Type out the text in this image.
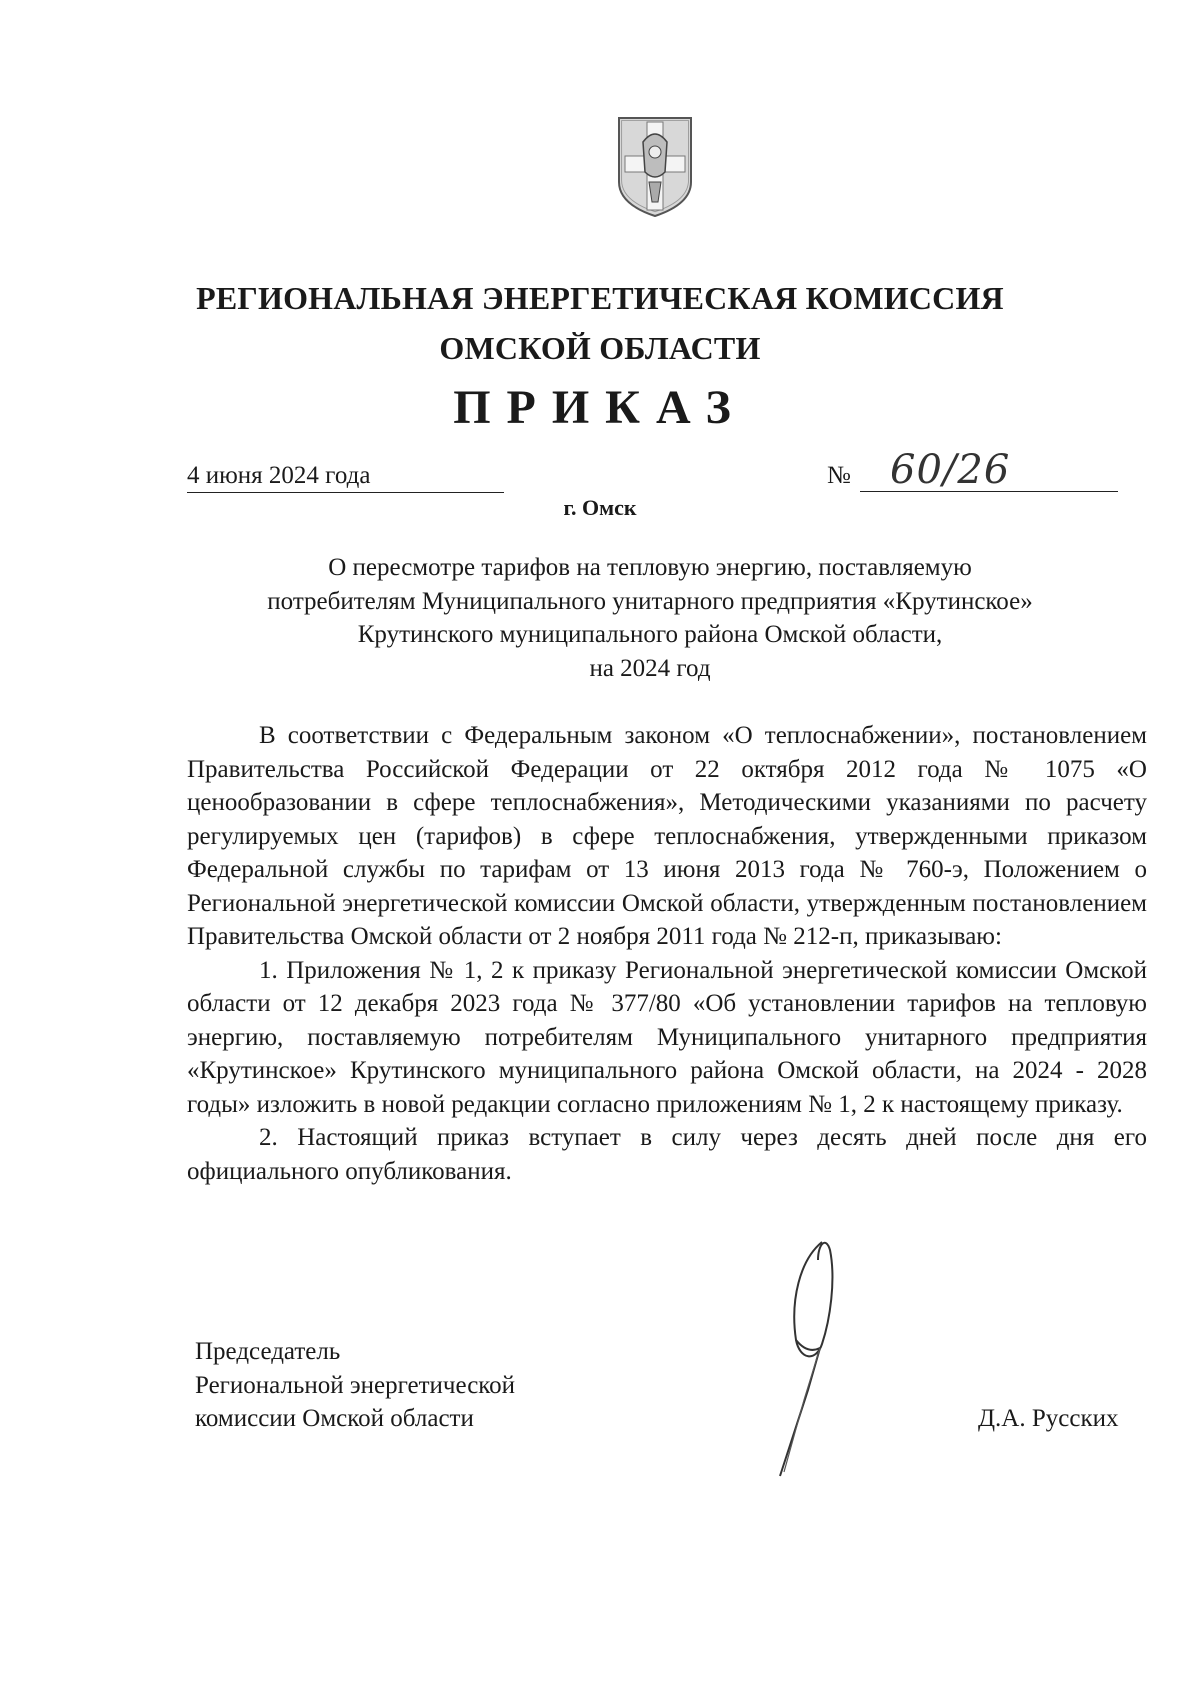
РЕГИОНАЛЬНАЯ ЭНЕРГЕТИЧЕСКАЯ КОМИССИЯ
ОМСКОЙ ОБЛАСТИ
ПРИКАЗ
4 июня 2024 года	№ 60/26
г. Омск
О пересмотре тарифов на тепловую энергию, поставляемую
потребителям Муниципального унитарного предприятия «Крутинское»
Крутинского муниципального района Омской области,
на 2024 год

В соответствии с Федеральным законом «О теплоснабжении», постановлением Правительства Российской Федерации от 22 октября 2012 года № 1075 «О ценообразовании в сфере теплоснабжения», Методическими указаниями по расчету регулируемых цен (тарифов) в сфере теплоснабжения, утвержденными приказом Федеральной службы по тарифам от 13 июня 2013 года № 760-э, Положением о Региональной энергетической комиссии Омской области, утвержденным постановлением Правительства Омской области от 2 ноября 2011 года № 212-п, приказываю:

1. Приложения № 1, 2 к приказу Региональной энергетической комиссии Омской области от 12 декабря 2023 года № 377/80 «Об установлении тарифов на тепловую энергию, поставляемую потребителям Муниципального унитарного предприятия «Крутинское» Крутинского муниципального района Омской области, на 2024 - 2028 годы» изложить в новой редакции согласно приложениям № 1, 2 к настоящему приказу.

2. Настоящий приказ вступает в силу через десять дней после дня его официального опубликования.

Председатель
Региональной энергетической
комиссии Омской области	Д.А. Русских
